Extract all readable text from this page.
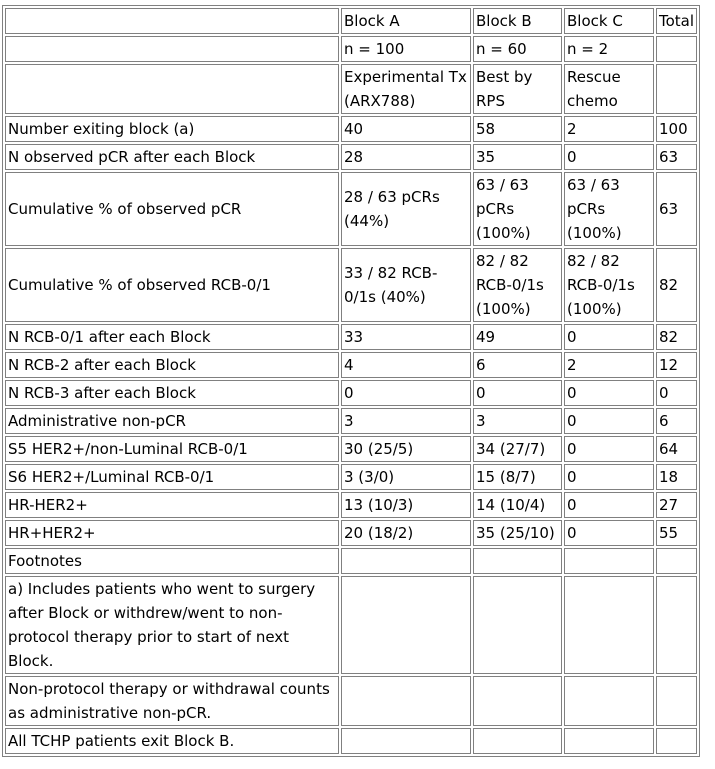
	Block A	Block B	Block C	Total
	n = 100	n = 60	n = 2	
	Experimental Tx (ARX788)	Best by RPS	Rescue chemo	
Number exiting block (a)	40	58	2	100
N observed pCR after each Block	28	35	0	63
Cumulative % of observed pCR	28 / 63 pCRs (44%)	63 / 63 pCRs (100%)	63 / 63 pCRs (100%)	63
Cumulative % of observed RCB-0/1	33 / 82 RCB-0/1s (40%)	82 / 82 RCB-0/1s (100%)	82 / 82 RCB-0/1s (100%)	82
N RCB-0/1 after each Block	33	49	0	82
N RCB-2 after each Block	4	6	2	12
N RCB-3 after each Block	0	0	0	0
Administrative non-pCR	3	3	0	6
S5 HER2+/non-Luminal RCB-0/1	30 (25/5)	34 (27/7)	0	64
S6 HER2+/Luminal RCB-0/1	3 (3/0)	15 (8/7)	0	18
HR-HER2+	13 (10/3)	14 (10/4)	0	27
HR+HER2+	20 (18/2)	35 (25/10)	0	55
Footnotes				
a) Includes patients who went to surgery after Block or withdrew/went to non-protocol therapy prior to start of next Block.				
Non-protocol therapy or withdrawal counts as administrative non-pCR.				
All TCHP patients exit Block B.				
